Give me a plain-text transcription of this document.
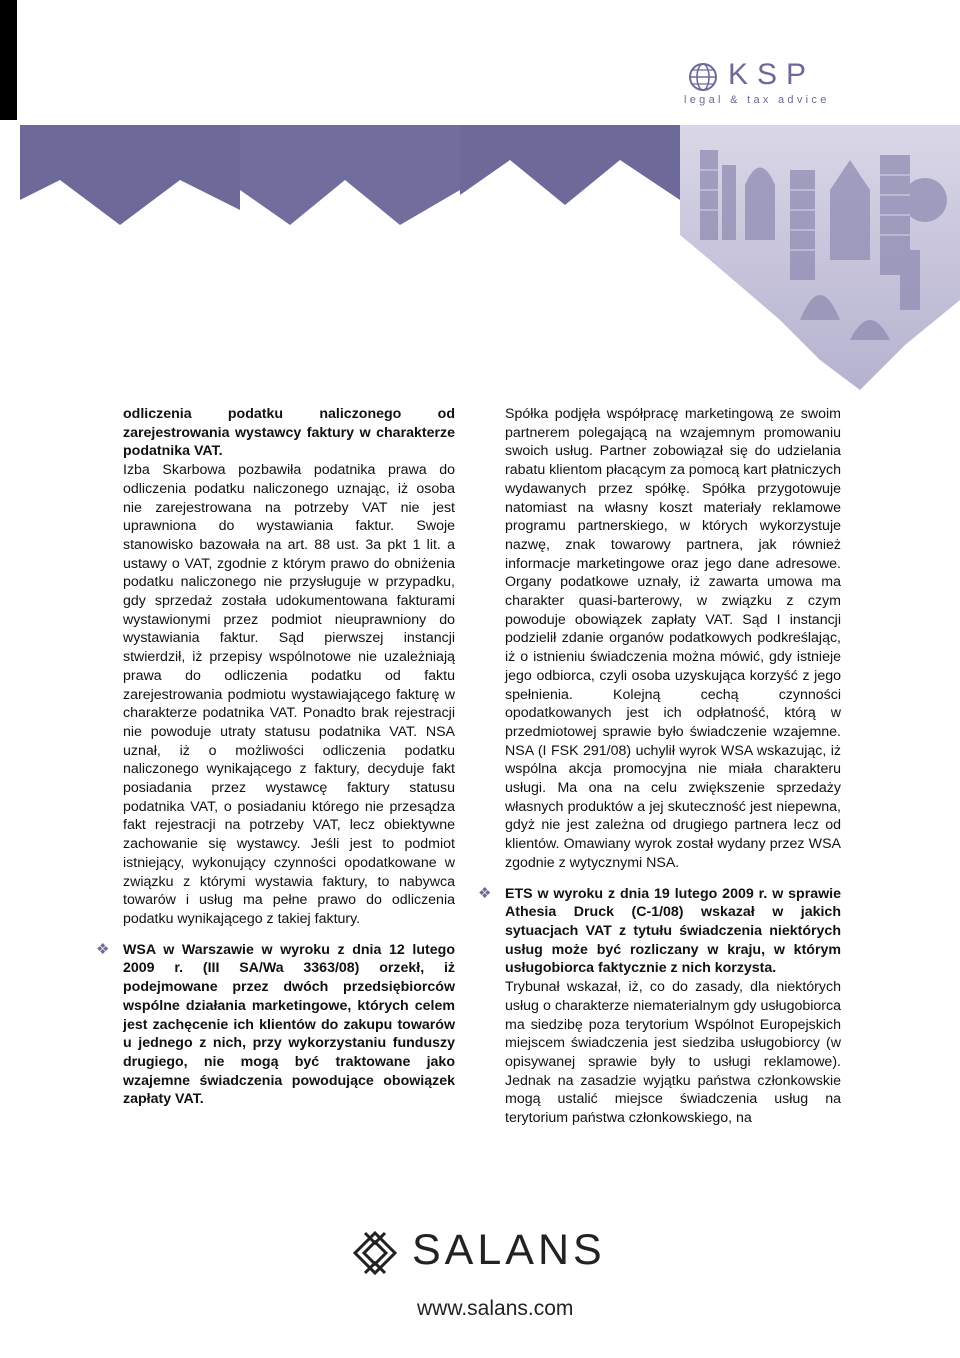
KSP
legal & tax advice

odliczenia podatku naliczonego od zarejestrowania wystawcy faktury w charakterze podatnika VAT.

Izba Skarbowa pozbawiła podatnika prawa do odliczenia podatku naliczonego uznając, iż osoba nie zarejestrowana na potrzeby VAT nie jest uprawniona do wystawiania faktur. Swoje stanowisko bazowała na art. 88 ust. 3a pkt 1 lit. a ustawy o VAT, zgodnie z którym prawo do obniżenia podatku naliczonego nie przysługuje w przypadku, gdy sprzedaż została udokumentowana fakturami wystawionymi przez podmiot nieuprawniony do wystawiania faktur. Sąd pierwszej instancji stwierdził, iż przepisy wspólnotowe nie uzależniają prawa do odliczenia podatku od faktu zarejestrowania podmiotu wystawiającego fakturę w charakterze podatnika VAT. Ponadto brak rejestracji nie powoduje utraty statusu podatnika VAT. NSA uznał, iż o możliwości odliczenia podatku naliczonego wynikającego z faktury, decyduje fakt posiadania przez wystawcę faktury statusu podatnika VAT, o posiadaniu którego nie przesądza fakt rejestracji na potrzeby VAT, lecz obiektywne zachowanie się wystawcy. Jeśli jest to podmiot istniejący, wykonujący czynności opodatkowane w związku z którymi wystawia faktury, to nabywca towarów i usług ma pełne prawo do odliczenia podatku wynikającego z takiej faktury.

❖ WSA w Warszawie w wyroku z dnia 12 lutego 2009 r. (III SA/Wa 3363/08) orzekł, iż podejmowane przez dwóch przedsiębiorców wspólne działania marketingowe, których celem jest zachęcenie ich klientów do zakupu towarów u jednego z nich, przy wykorzystaniu funduszy drugiego, nie mogą być traktowane jako wzajemne świadczenia powodujące obowiązek zapłaty VAT.

Spółka podjęła współpracę marketingową ze swoim partnerem polegającą na wzajemnym promowaniu swoich usług. Partner zobowiązał się do udzielania rabatu klientom płacącym za pomocą kart płatniczych wydawanych przez spółkę. Spółka przygotowuje natomiast na własny koszt materiały reklamowe programu partnerskiego, w których wykorzystuje nazwę, znak towarowy partnera, jak również informacje marketingowe oraz jego dane adresowe. Organy podatkowe uznały, iż zawarta umowa ma charakter quasi-barterowy, w związku z czym powoduje obowiązek zapłaty VAT. Sąd I instancji podzielił zdanie organów podatkowych podkreślając, iż o istnieniu świadczenia można mówić, gdy istnieje jego odbiorca, czyli osoba uzyskująca korzyść z jego spełnienia. Kolejną cechą czynności opodatkowanych jest ich odpłatność, którą w przedmiotowej sprawie było świadczenie wzajemne. NSA (I FSK 291/08) uchylił wyrok WSA wskazując, iż wspólna akcja promocyjna nie miała charakteru usługi. Ma ona na celu zwiększenie sprzedaży własnych produktów a jej skuteczność jest niepewna, gdyż nie jest zależna od drugiego partnera lecz od klientów. Omawiany wyrok został wydany przez WSA zgodnie z wytycznymi NSA.

❖ ETS w wyroku z dnia 19 lutego 2009 r. w sprawie Athesia Druck (C-1/08) wskazał w jakich sytuacjach VAT z tytułu świadczenia niektórych usług może być rozliczany w kraju, w którym usługobiorca faktycznie z nich korzysta.

Trybunał wskazał, iż, co do zasady, dla niektórych usług o charakterze niematerialnym gdy usługobiorca ma siedzibę poza terytorium Wspólnot Europejskich miejscem świadczenia jest siedziba usługobiorcy (w opisywanej sprawie były to usługi reklamowe). Jednak na zasadzie wyjątku państwa członkowskie mogą ustalić miejsce świadczenia usług na terytorium państwa członkowskiego, na

SALANS
www.salans.com
